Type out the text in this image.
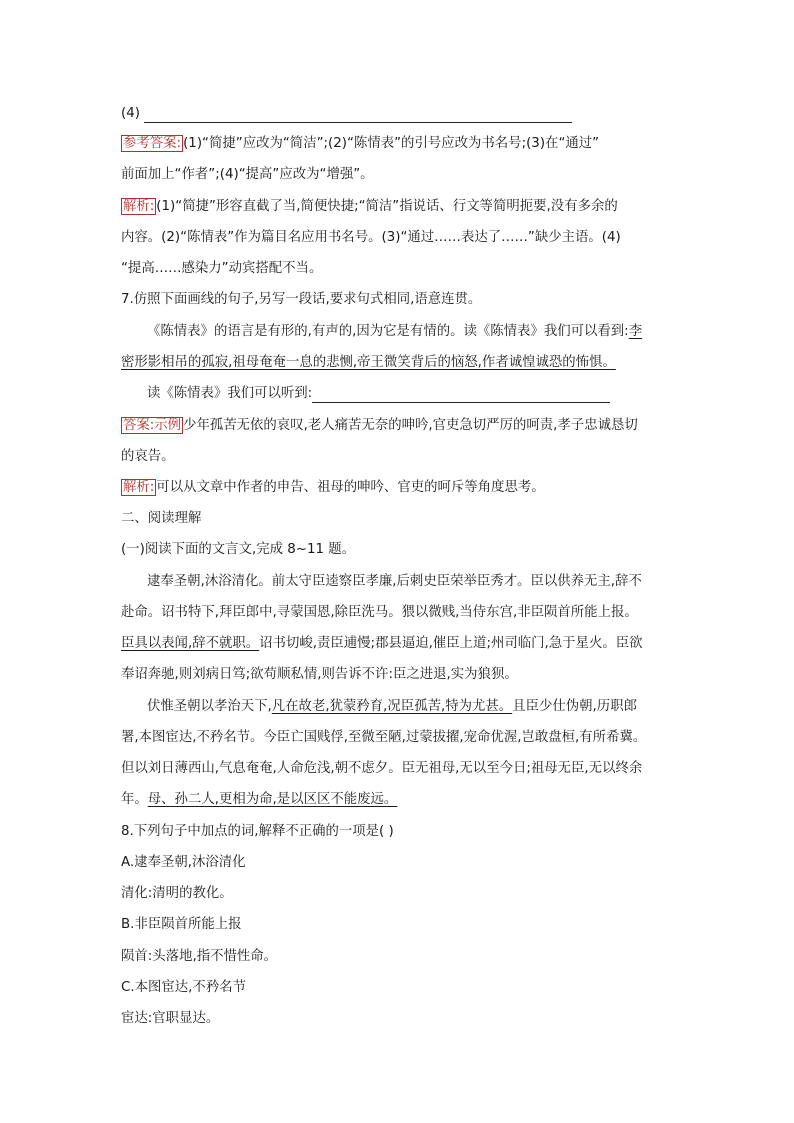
(4)
参考答案: (1)“简捷”应改为“简洁”;(2)“陈情表”的引号应改为书名号;(3)在“通过”
前面加上“作者”;(4)“提高”应改为“增强”。
解析: (1)“简捷”形容直截了当,简便快捷;“简洁”指说话、行文等简明扼要,没有多余的
内容。(2)“陈情表”作为篇目名应用书名号。(3)“通过……表达了……”缺少主语。(4)
“提高……感染力”动宾搭配不当。
7.仿照下面画线的句子,另写一段话,要求句式相同,语意连贯。
《陈情表》的语言是有形的,有声的,因为它是有情的。读《陈情表》我们可以看到:李
密形影相吊的孤寂,祖母奄奄一息的悲恻,帝王微笑背后的恼怒,作者诚惶诚恐的怖惧。
读《陈情表》我们可以听到:
答案:示例 少年孤苦无依的哀叹,老人痛苦无奈的呻吟,官吏急切严厉的呵责,孝子忠诚恳切
的哀告。
解析: 可以从文章中作者的申告、祖母的呻吟、官吏的呵斥等角度思考。
二、阅读理解
(一)阅读下面的文言文,完成 8~11 题。
逮奉圣朝,沐浴清化。前太守臣逵察臣孝廉,后刺史臣荣举臣秀才。臣以供养无主,辞不
赴命。诏书特下,拜臣郎中,寻蒙国恩,除臣洗马。猥以微贱,当侍东宫,非臣陨首所能上报。
臣具以表闻,辞不就职。诏书切峻,责臣逋慢;郡县逼迫,催臣上道;州司临门,急于星火。臣欲
奉诏奔驰,则刘病日笃;欲苟顺私情,则告诉不许:臣之进退,实为狼狈。
伏惟圣朝以孝治天下,凡在故老,犹蒙矜育,况臣孤苦,特为尤甚。且臣少仕伪朝,历职郎
署,本图宦达,不矜名节。今臣亡国贱俘,至微至陋,过蒙拔擢,宠命优渥,岂敢盘桓,有所希冀。
但以刘日薄西山,气息奄奄,人命危浅,朝不虑夕。臣无祖母,无以至今日;祖母无臣,无以终余
年。母、孙二人,更相为命,是以区区不能废远。
8.下列句子中加点的词,解释不正确的一项是( )
A.逮奉圣朝,沐浴清化
清化:清明的教化。
B.非臣陨首所能上报
陨首:头落地,指不惜性命。
C.本图宦达,不矜名节
宦达:官职显达。
